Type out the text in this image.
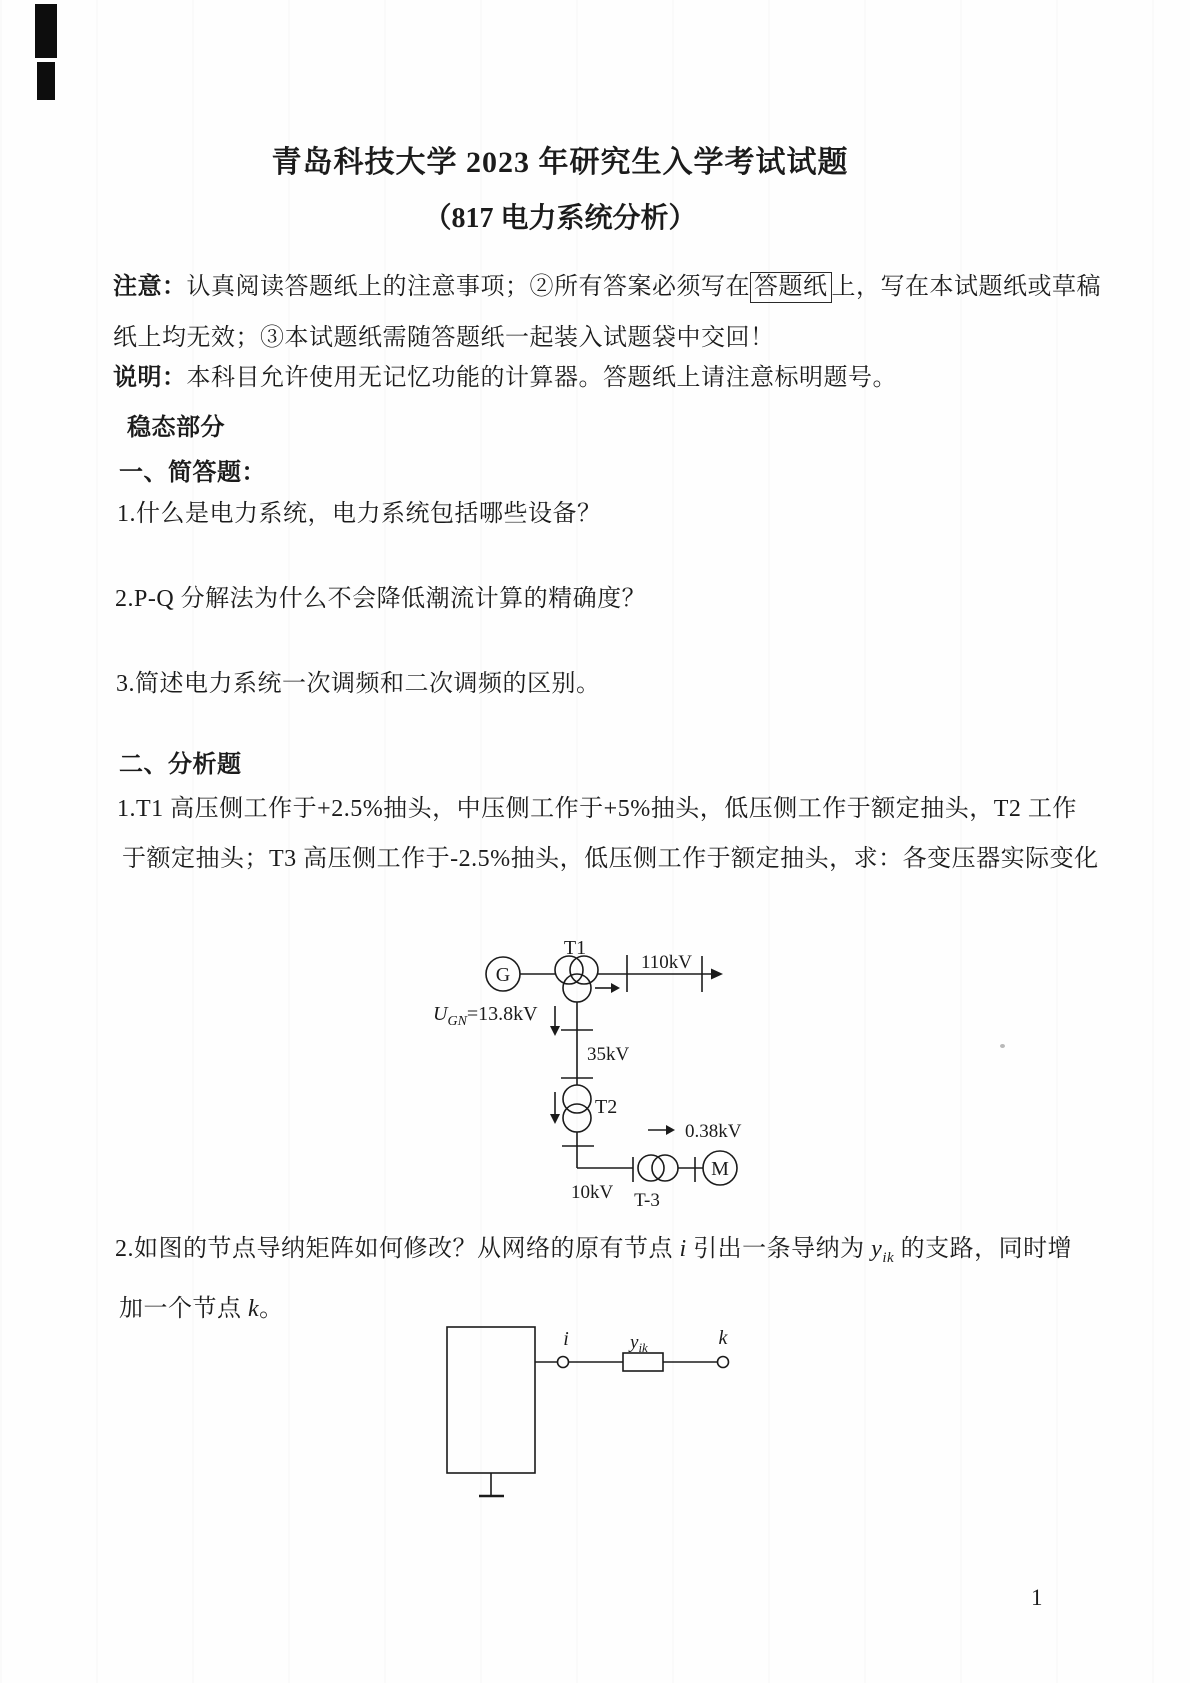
青岛科技大学 2023 年研究生入学考试试题
（817 电力系统分析）
注意：认真阅读答题纸上的注意事项；②所有答案必须写在 答题纸 上，写在本试题纸或草稿
纸上均无效；③本试题纸需随答题纸一起装入试题袋中交回！
说明：本科目允许使用无记忆功能的计算器。答题纸上请注意标明题号。
稳态部分
一、简答题：
1.什么是电力系统，电力系统包括哪些设备？
2.P-Q 分解法为什么不会降低潮流计算的精确度？
3.简述电力系统一次调频和二次调频的区别。
二、分析题
1.T1 高压侧工作于+2.5%抽头，中压侧工作于+5%抽头，低压侧工作于额定抽头，T2 工作
于额定抽头；T3 高压侧工作于-2.5%抽头，低压侧工作于额定抽头，求：各变压器实际变化
G
T1
110kV
$U_{GN}=13.8kV$
35kV
T2
0.38kV
10kV T-3
M
2.如图的节点导纳矩阵如何修改？从网络的原有节点 i 引出一条导纳为 $y_{ik}$ 的支路，同时增
加一个节点 k。
i	$y_{ik}$	k
1
